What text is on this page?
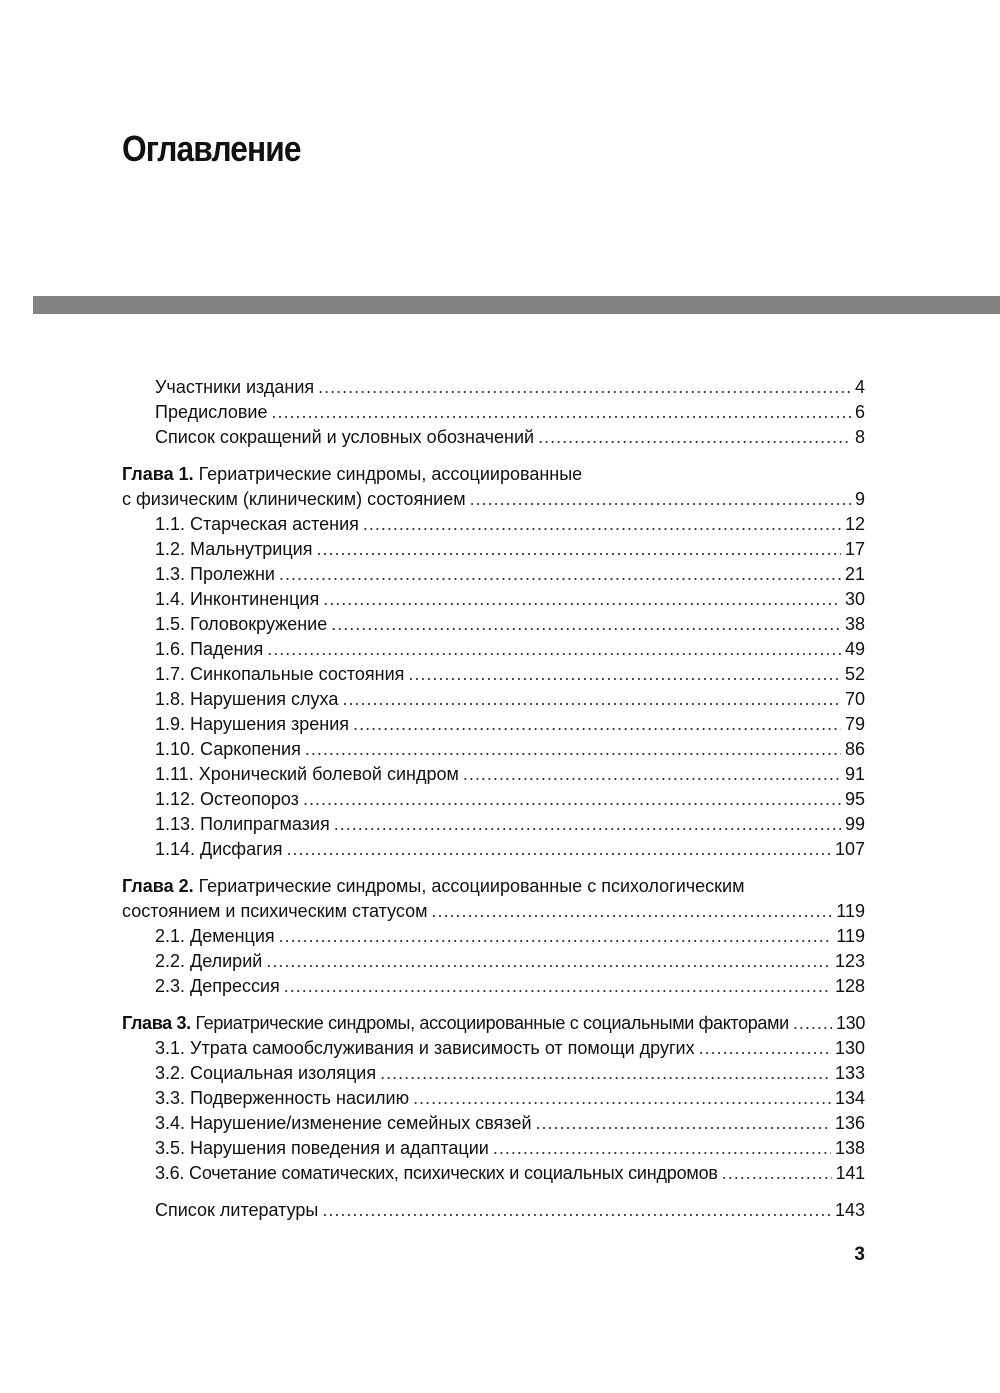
Оглавление
Участники издания .....	4
Предисловие .....	6
Список сокращений и условных обозначений .....	8
Глава 1. Гериатрические синдромы, ассоциированные
с физическим (клиническим) состоянием .....	9
1.1. Старческая астения .....	12
1.2. Мальнутриция .....	17
1.3. Пролежни .....	21
1.4. Инконтиненция .....	30
1.5. Головокружение .....	38
1.6. Падения .....	49
1.7. Синкопальные состояния .....	52
1.8. Нарушения слуха .....	70
1.9. Нарушения зрения .....	79
1.10. Саркопения .....	86
1.11. Хронический болевой синдром .....	91
1.12. Остеопороз .....	95
1.13. Полипрагмазия .....	99
1.14. Дисфагия .....	107
Глава 2. Гериатрические синдромы, ассоциированные с психологическим
состоянием и психическим статусом .....	119
2.1. Деменция .....	119
2.2. Делирий .....	123
2.3. Депрессия .....	128
Глава 3. Гериатрические синдромы, ассоциированные с социальными факторами .....	130
3.1. Утрата самообслуживания и зависимость от помощи других .....	130
3.2. Социальная изоляция .....	133
3.3. Подверженность насилию .....	134
3.4. Нарушение/изменение семейных связей .....	136
3.5. Нарушения поведения и адаптации .....	138
3.6. Сочетание соматических, психических и социальных синдромов .....	141
Список литературы .....	143
3
